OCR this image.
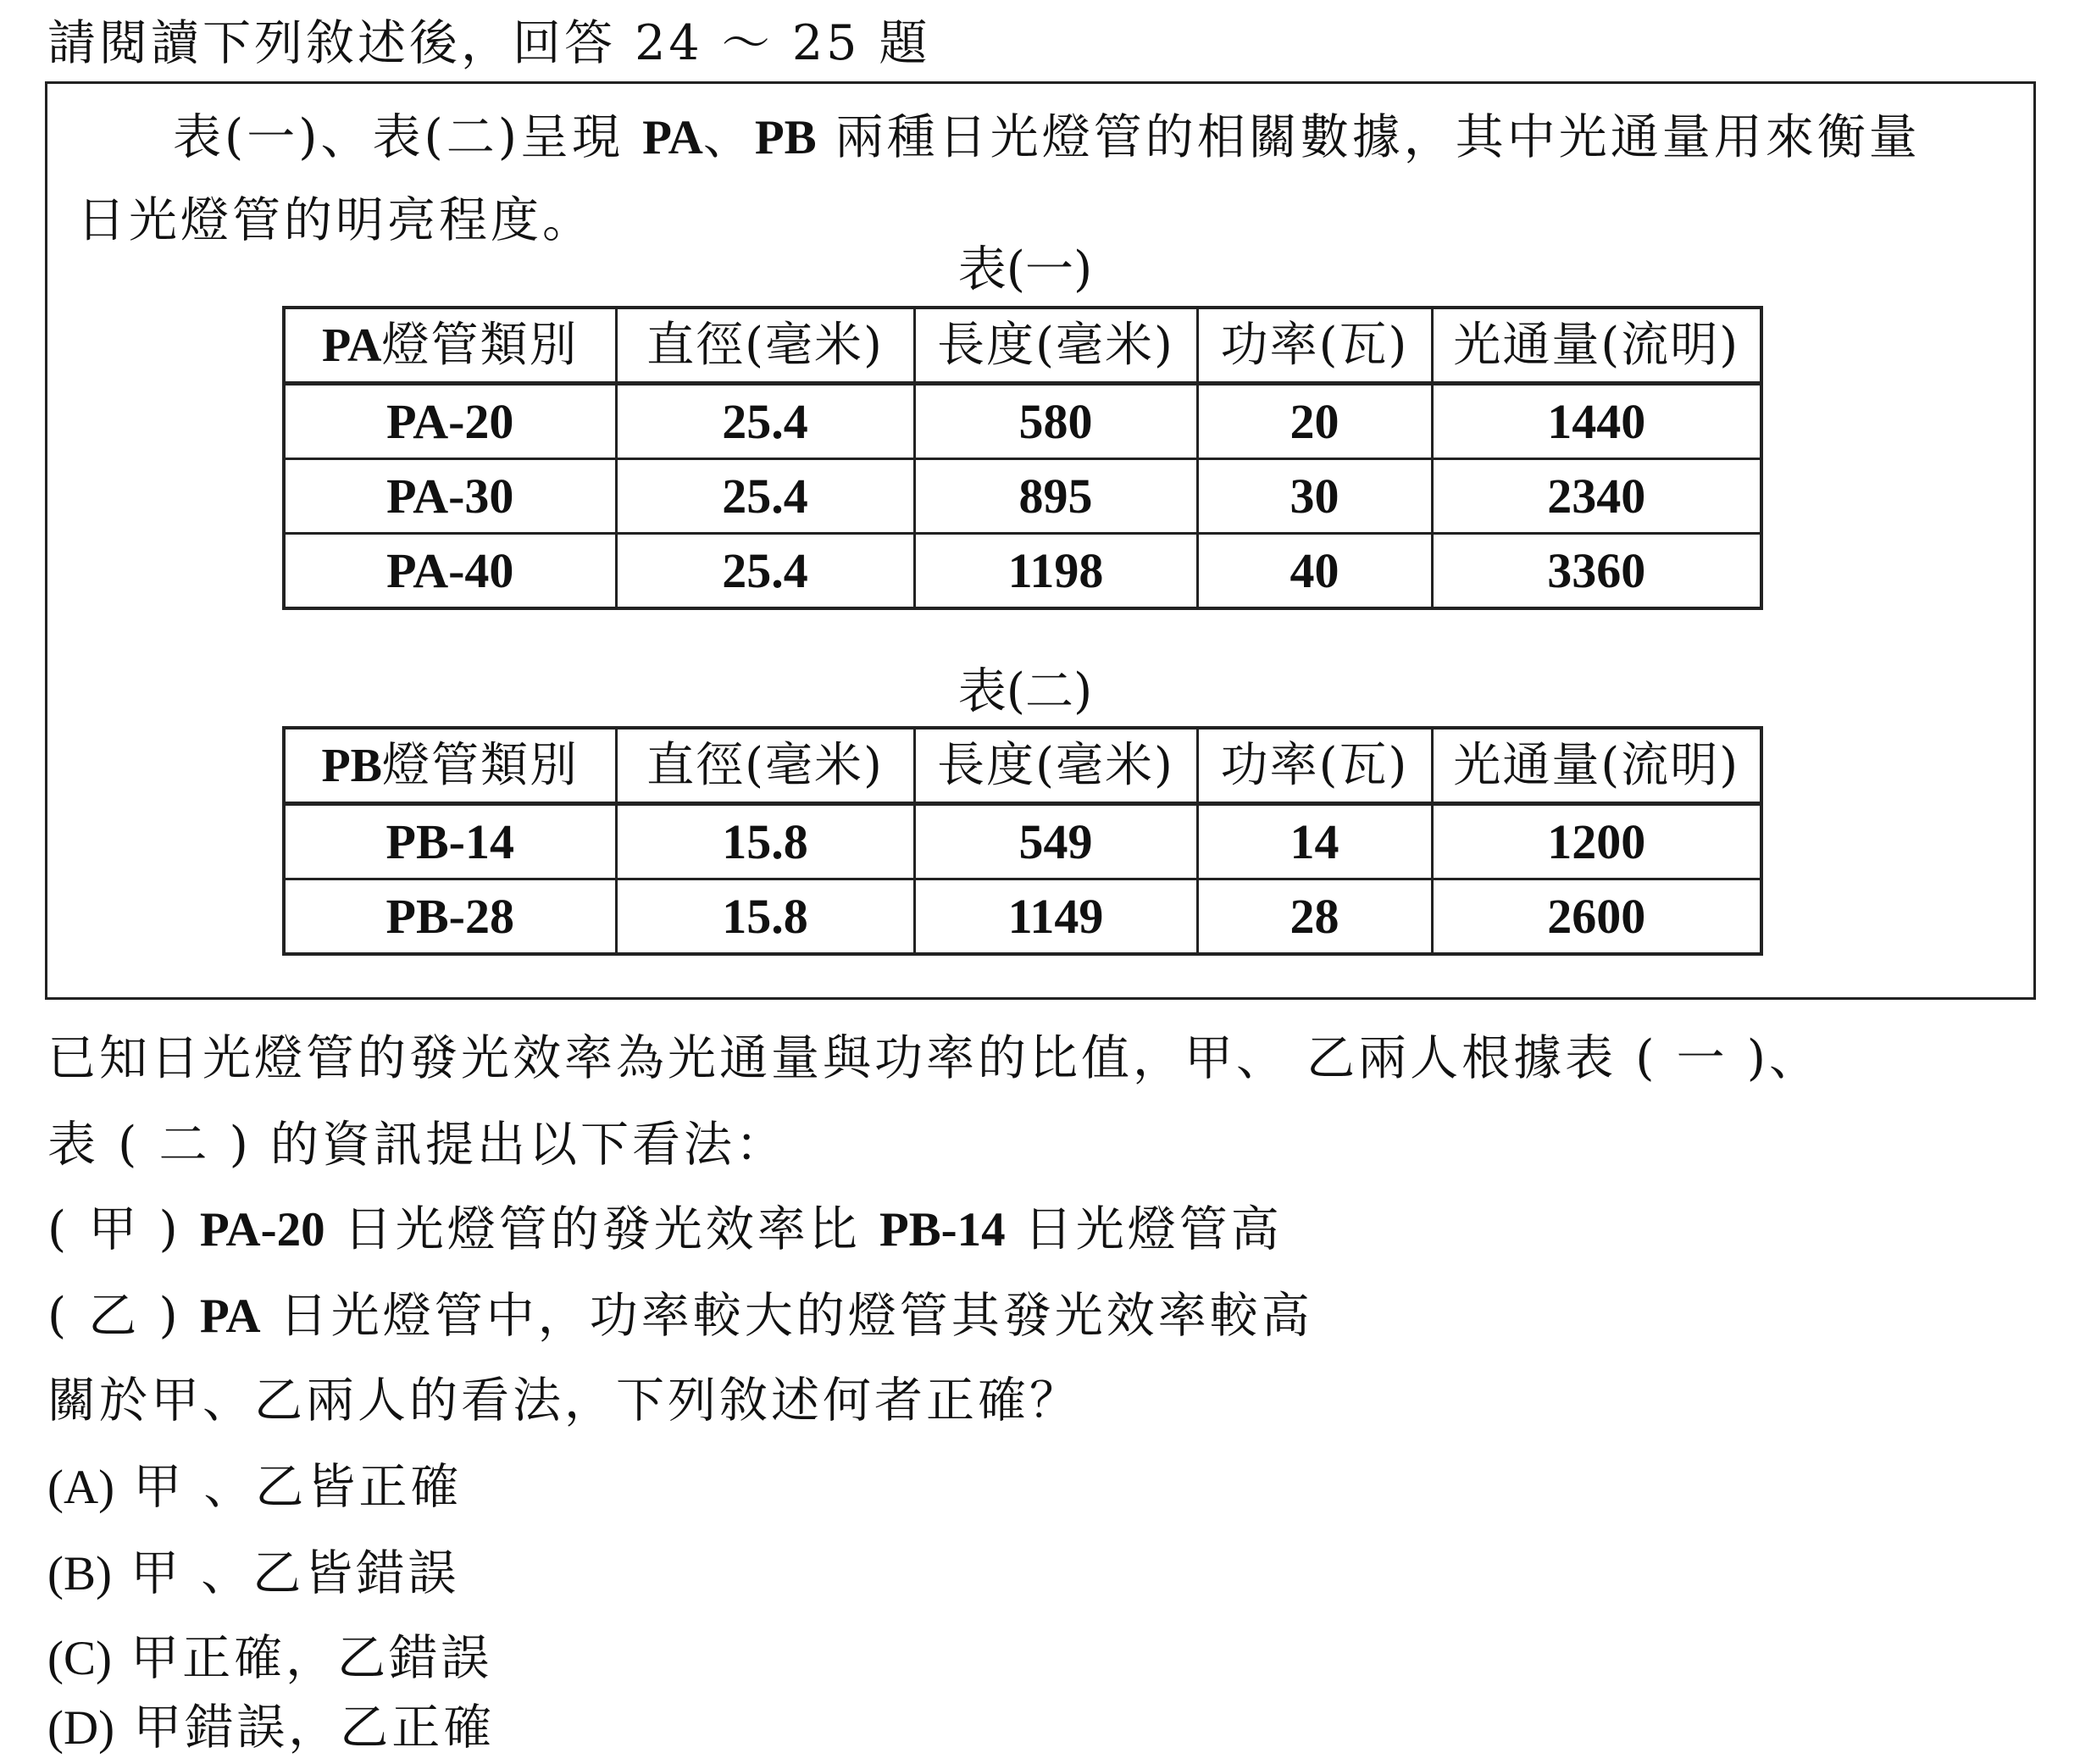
請閱讀下列敘述後，回答 24 ～ 25 題
表(一)、表(二)呈現 PA、PB 兩種日光燈管的相關數據，其中光通量用來衡量
日光燈管的明亮程度。
表(一)
PA燈管類別	直徑(毫米)	長度(毫米)	功率(瓦)	光通量(流明)
PA-20	25.4	580	20	1440
PA-30	25.4	895	30	2340
PA-40	25.4	1198	40	3360
表(二)
PB燈管類別	直徑(毫米)	長度(毫米)	功率(瓦)	光通量(流明)
PB-14	15.8	549	14	1200
PB-28	15.8	1149	28	2600
已知日光燈管的發光效率為光通量與功率的比值，甲、 乙兩人根據表 ( 一 )、
表 ( 二 ) 的資訊提出以下看法：
( 甲 ) PA-20 日光燈管的發光效率比 PB-14 日光燈管高
( 乙 ) PA 日光燈管中，功率較大的燈管其發光效率較高
關於甲、乙兩人的看法，下列敘述何者正確？
(A) 甲 、乙皆正確
(B) 甲 、乙皆錯誤
(C) 甲正確，乙錯誤
(D) 甲錯誤，乙正確
